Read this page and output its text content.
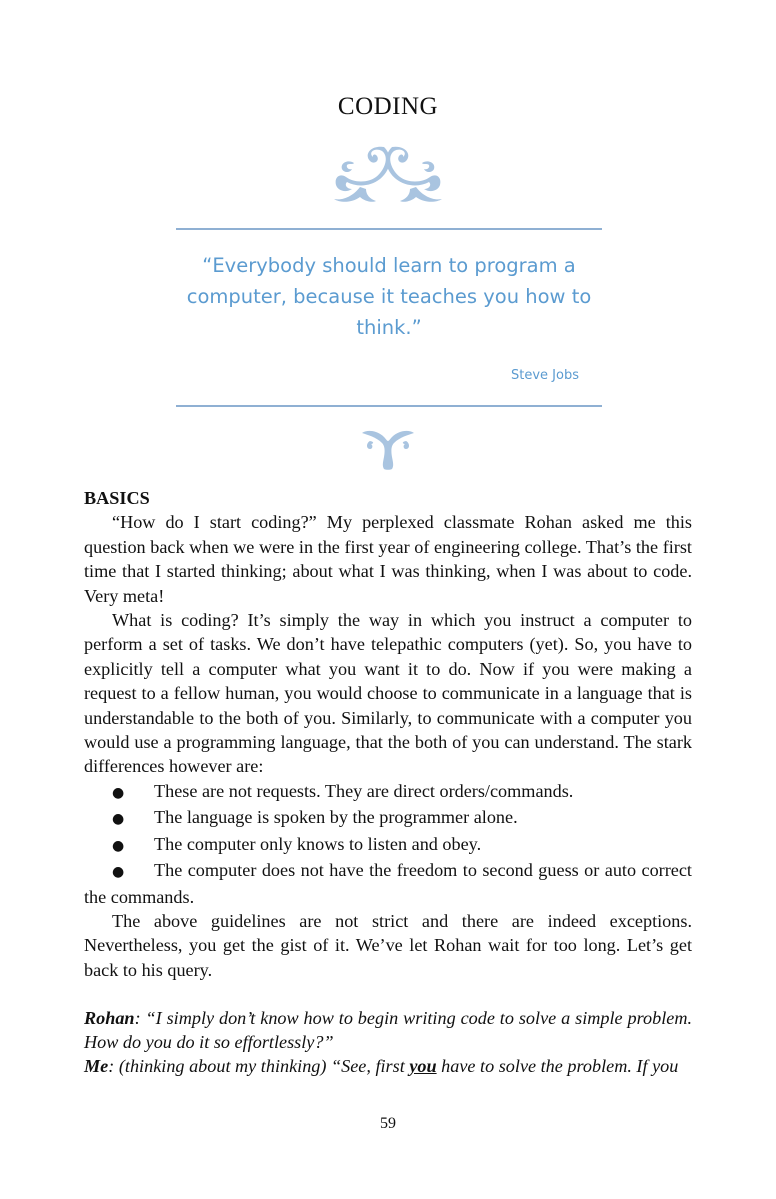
CODING
“Everybody should learn to program a computer, because it teaches you how to think.”
Steve Jobs

BASICS

“How do I start coding?” My perplexed classmate Rohan asked me this question back when we were in the first year of engineering college. That’s the first time that I started thinking; about what I was thinking, when I was about to code. Very meta!

What is coding? It’s simply the way in which you instruct a computer to perform a set of tasks. We don’t have telepathic computers (yet). So, you have to explicitly tell a computer what you want it to do. Now if you were making a request to a fellow human, you would choose to communicate in a language that is understandable to the both of you. Similarly, to communicate with a computer you would use a programming language, that the both of you can understand. The stark differences however are:

● These are not requests. They are direct orders/commands.
● The language is spoken by the programmer alone.
● The computer only knows to listen and obey.
● The computer does not have the freedom to second guess or auto correct the commands.

The above guidelines are not strict and there are indeed exceptions. Nevertheless, you get the gist of it. We’ve let Rohan wait for too long. Let’s get back to his query.

Rohan: “I simply don’t know how to begin writing code to solve a simple problem. How do you do it so effortlessly?”

Me: (thinking about my thinking) “See, first you have to solve the problem. If you

59
